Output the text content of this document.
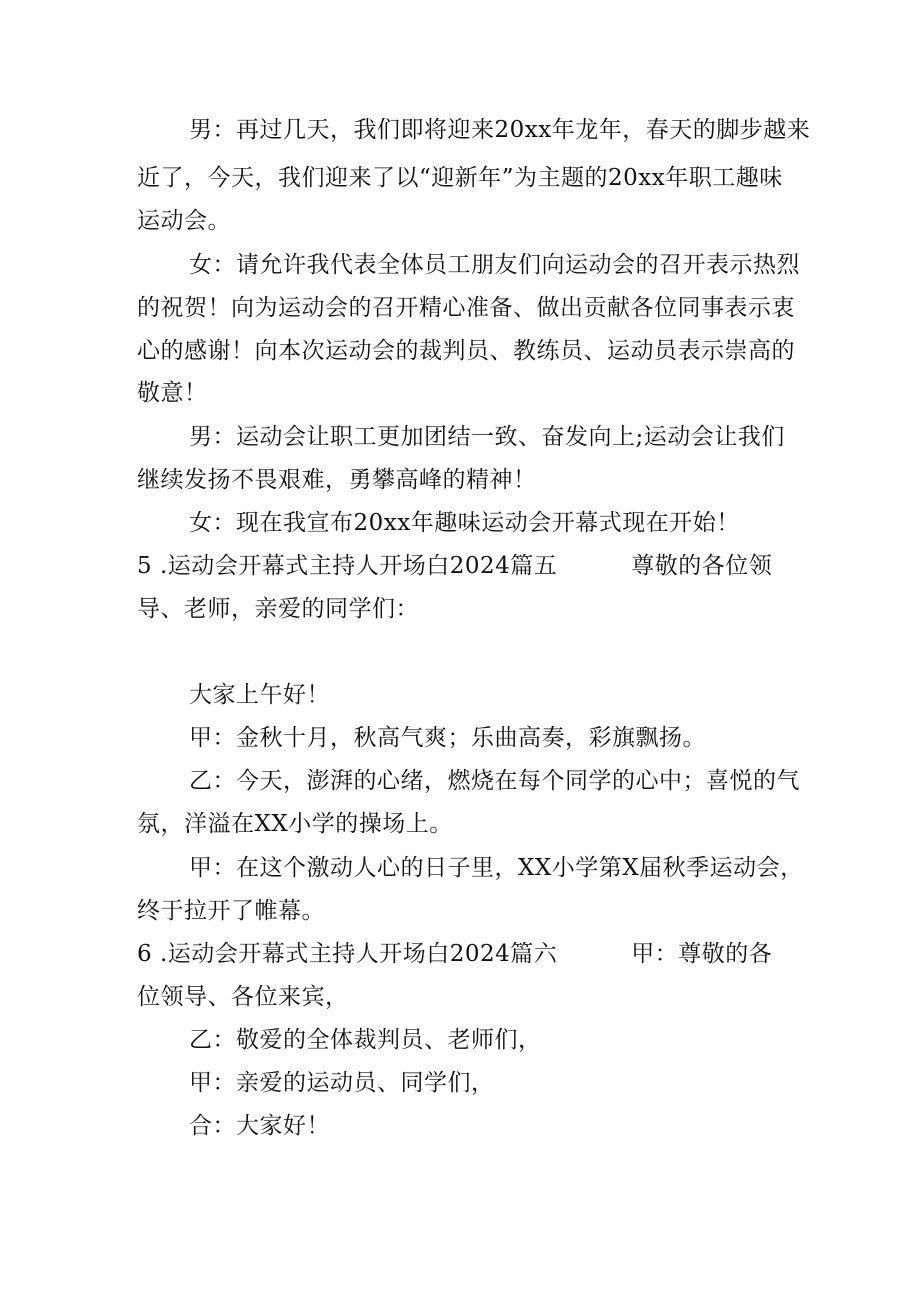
男：再过几天，我们即将迎来20xx年龙年，春天的脚步越来
近了，今天，我们迎来了以“迎新年”为主题的20xx年职工趣味
运动会。
女：请允许我代表全体员工朋友们向运动会的召开表示热烈
的祝贺！向为运动会的召开精心准备、做出贡献各位同事表示衷
心的感谢！向本次运动会的裁判员、教练员、运动员表示崇高的
敬意！
男：运动会让职工更加团结一致、奋发向上;运动会让我们
继续发扬不畏艰难，勇攀高峰的精神！
女：现在我宣布20xx年趣味运动会开幕式现在开始！
5 .运动会开幕式主持人开场白2024篇五	尊敬的各位领
导、老师，亲爱的同学们：
大家上午好！
甲：金秋十月，秋高气爽；乐曲高奏，彩旗飘扬。
乙：今天，澎湃的心绪，燃烧在每个同学的心中；喜悦的气
氛，洋溢在XX小学的操场上。
甲：在这个激动人心的日子里，XX小学第X届秋季运动会，
终于拉开了帷幕。
6 .运动会开幕式主持人开场白2024篇六	甲：尊敬的各
位领导、各位来宾，
乙：敬爱的全体裁判员、老师们，
甲：亲爱的运动员、同学们，
合：大家好！
